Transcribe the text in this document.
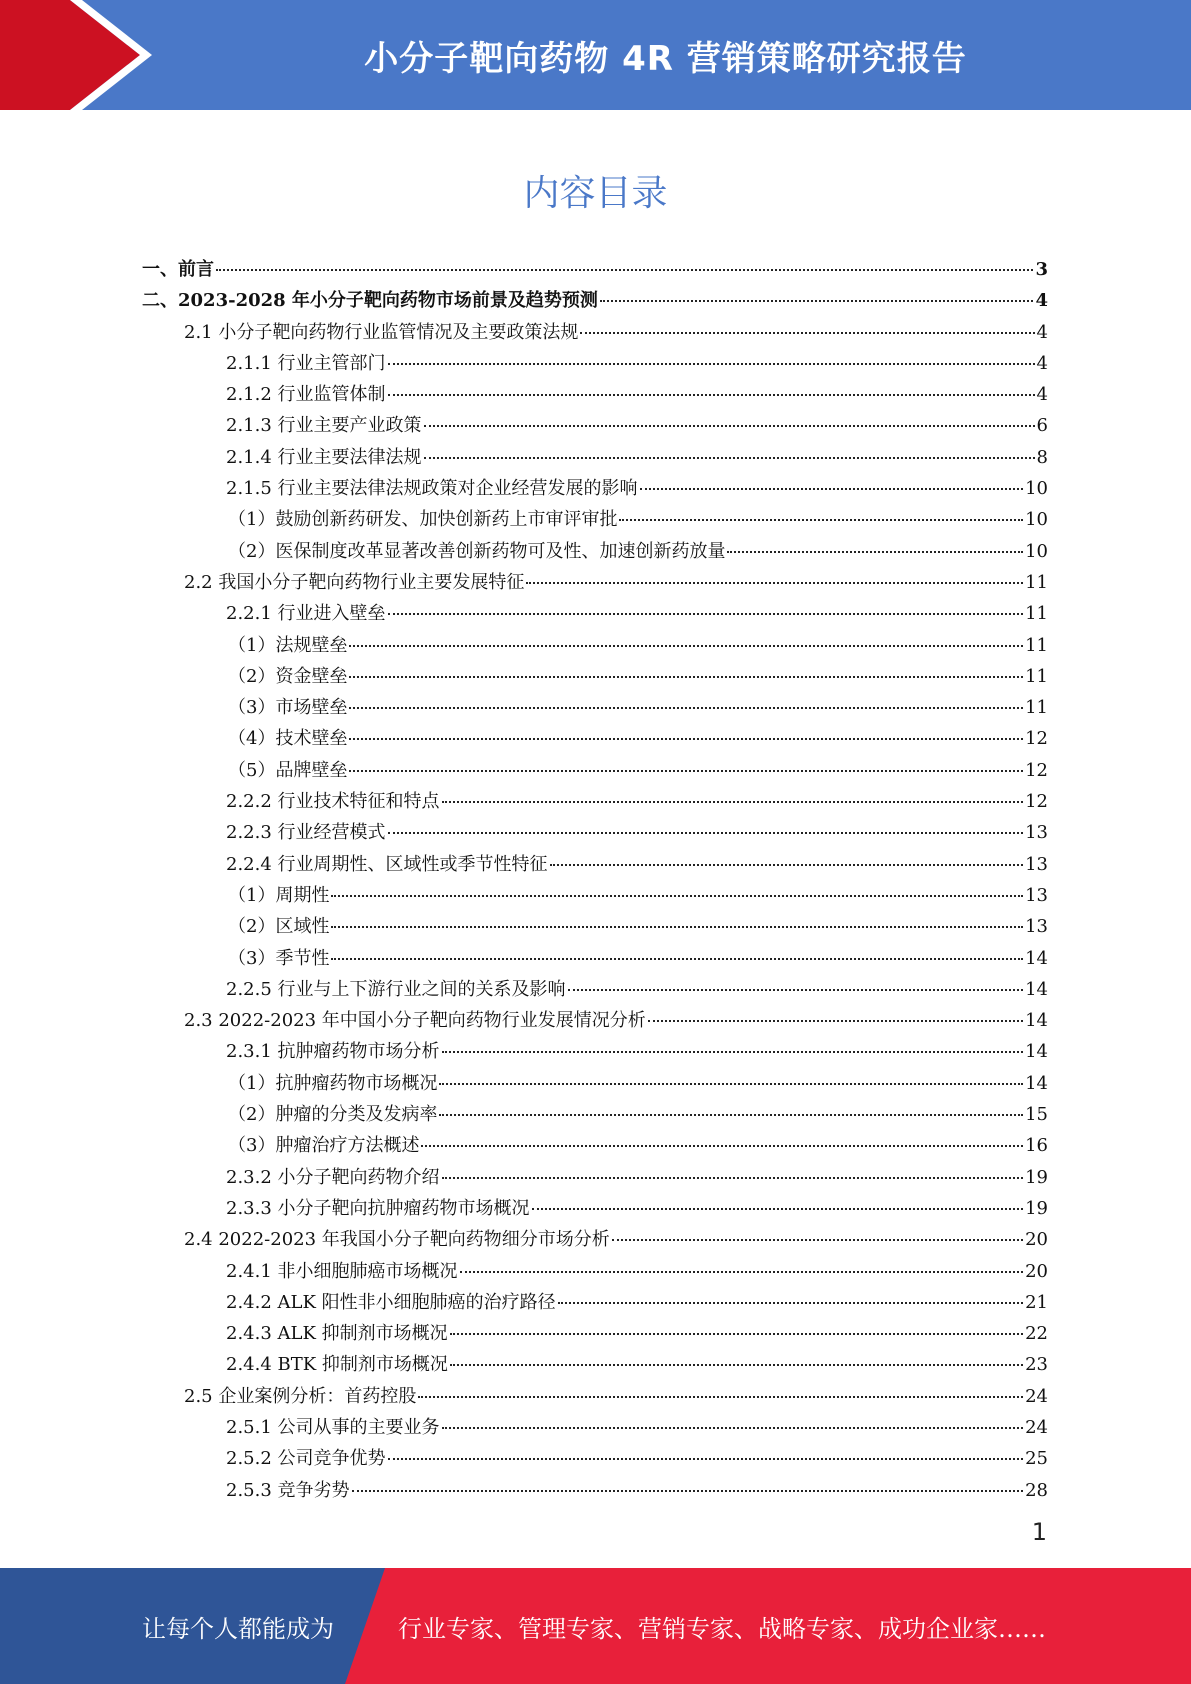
小分子靶向药物 4R 营销策略研究报告
内容目录
一、前言	3
二、2023-2028 年小分子靶向药物市场前景及趋势预测	4
2.1 小分子靶向药物行业监管情况及主要政策法规	4
2.1.1 行业主管部门	4
2.1.2 行业监管体制	4
2.1.3 行业主要产业政策	6
2.1.4 行业主要法律法规	8
2.1.5 行业主要法律法规政策对企业经营发展的影响	10
（1）鼓励创新药研发、加快创新药上市审评审批	10
（2）医保制度改革显著改善创新药物可及性、加速创新药放量	10
2.2 我国小分子靶向药物行业主要发展特征	11
2.2.1 行业进入壁垒	11
（1）法规壁垒	11
（2）资金壁垒	11
（3）市场壁垒	11
（4）技术壁垒	12
（5）品牌壁垒	12
2.2.2 行业技术特征和特点	12
2.2.3 行业经营模式	13
2.2.4 行业周期性、区域性或季节性特征	13
（1）周期性	13
（2）区域性	13
（3）季节性	14
2.2.5 行业与上下游行业之间的关系及影响	14
2.3 2022-2023 年中国小分子靶向药物行业发展情况分析	14
2.3.1 抗肿瘤药物市场分析	14
（1）抗肿瘤药物市场概况	14
（2）肿瘤的分类及发病率	15
（3）肿瘤治疗方法概述	16
2.3.2 小分子靶向药物介绍	19
2.3.3 小分子靶向抗肿瘤药物市场概况	19
2.4 2022-2023 年我国小分子靶向药物细分市场分析	20
2.4.1 非小细胞肺癌市场概况	20
2.4.2 ALK 阳性非小细胞肺癌的治疗路径	21
2.4.3 ALK 抑制剂市场概况	22
2.4.4 BTK 抑制剂市场概况	23
2.5 企业案例分析：首药控股	24
2.5.1 公司从事的主要业务	24
2.5.2 公司竞争优势	25
2.5.3 竞争劣势	28
1
让每个人都能成为	行业专家、管理专家、营销专家、战略专家、成功企业家……
